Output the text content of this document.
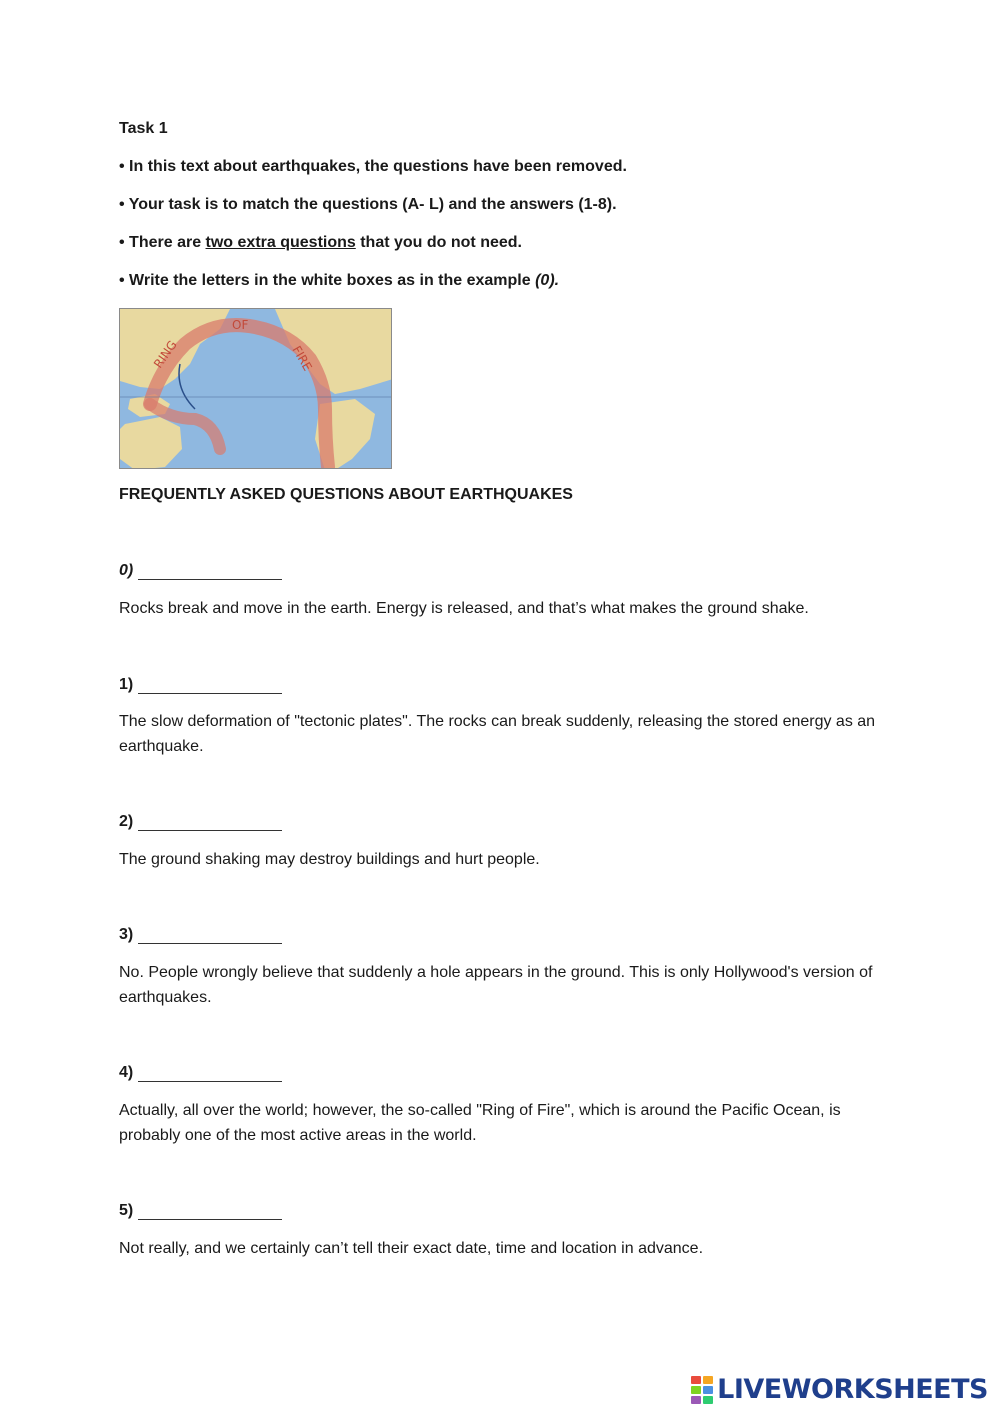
Task 1

• In this text about earthquakes, the questions have been removed.

• Your task is to match the questions (A- L) and the answers (1-8).

• There are two extra questions that you do not need.

• Write the letters in the white boxes as in the example (0).

RING
OF
FIRE

FREQUENTLY ASKED QUESTIONS ABOUT EARTHQUAKES

0)

Rocks break and move in the earth. Energy is released, and that’s what makes the ground shake.

1)

The slow deformation of "tectonic plates". The rocks can break suddenly, releasing the stored energy as an earthquake.

2)

The ground shaking may destroy buildings and hurt people.

3)

No. People wrongly believe that suddenly a hole appears in the ground. This is only Hollywood's version of earthquakes.

4)

Actually, all over the world; however, the so-called "Ring of Fire", which is around the Pacific Ocean, is probably one of the most active areas in the world.

5)

Not really, and we certainly can’t tell their exact date, time and location in advance.

LIVEWORKSHEETS
